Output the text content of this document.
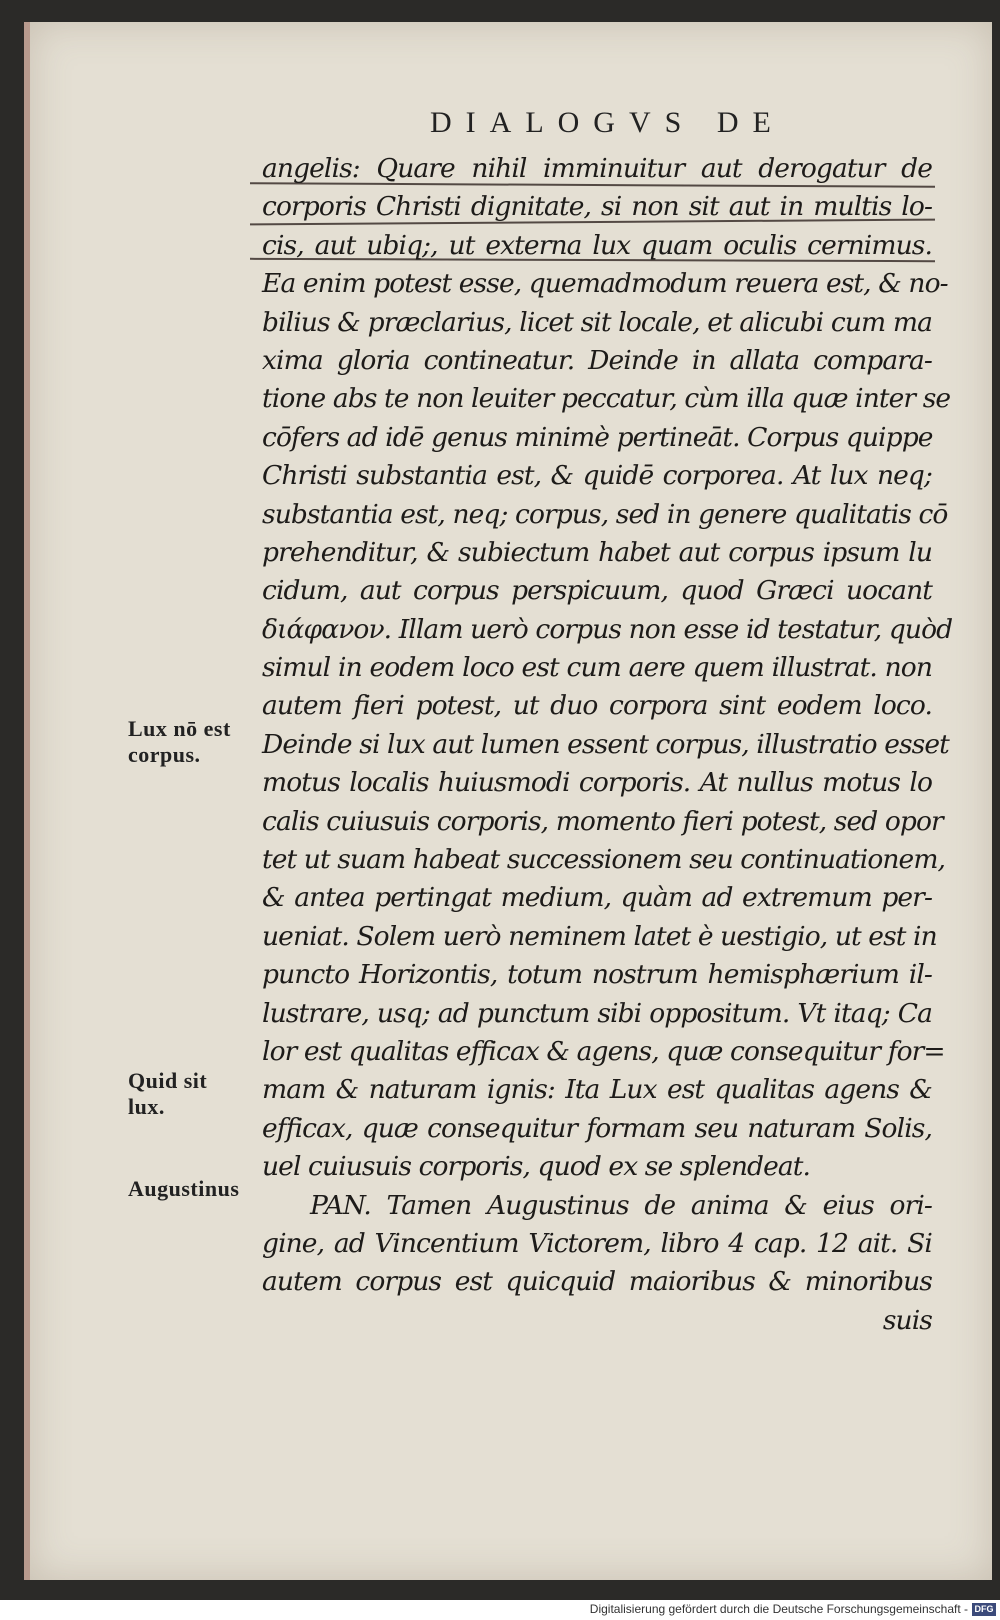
DIALOGVS DE
angelis: Quare nihil imminuitur aut derogatur de
corporis Christi dignitate, si non sit aut in multis lo-
cis, aut ubiq;, ut externa lux quam oculis cernimus.
Ea enim potest esse, quemadmodum reuera est, & no-
bilius & præclarius, licet sit locale, et alicubi cum ma
xima gloria contineatur. Deinde in allata compara-
tione abs te non leuiter peccatur, cùm illa quæ inter se
cōfers ad idē genus minimè pertineāt. Corpus quippe
Christi substantia est, & quidē corporea. At lux neq;
substantia est, neq; corpus, sed in genere qualitatis cō
prehenditur, & subiectum habet aut corpus ipsum lu
cidum, aut corpus perspicuum, quod Græci uocant
διάφανον. Illam uerò corpus non esse id testatur, quòd
simul in eodem loco est cum aere quem illustrat. non
autem fieri potest, ut duo corpora sint eodem loco.
Deinde si lux aut lumen essent corpus, illustratio esset
motus localis huiusmodi corporis. At nullus motus lo
calis cuiusuis corporis, momento fieri potest, sed opor
tet ut suam habeat successionem seu continuationem,
& antea pertingat medium, quàm ad extremum per-
ueniat. Solem uerò neminem latet è uestigio, ut est in
puncto Horizontis, totum nostrum hemisphærium il-
lustrare, usq; ad punctum sibi oppositum. Vt itaq; Ca
lor est qualitas efficax & agens, quæ consequitur for=
mam & naturam ignis: Ita Lux est qualitas agens &
efficax, quæ consequitur formam seu naturam Solis,
uel cuiusuis corporis, quod ex se splendeat.
PAN. Tamen Augustinus de anima & eius ori-
gine, ad Vincentium Victorem, libro 4 cap. 12 ait. Si
autem corpus est quicquid maioribus & minoribus
suis
Lux nō est
corpus.
Quid sit
lux.
Augustinus
Digitalisierung gefördert durch die Deutsche Forschungsgemeinschaft - DFG
